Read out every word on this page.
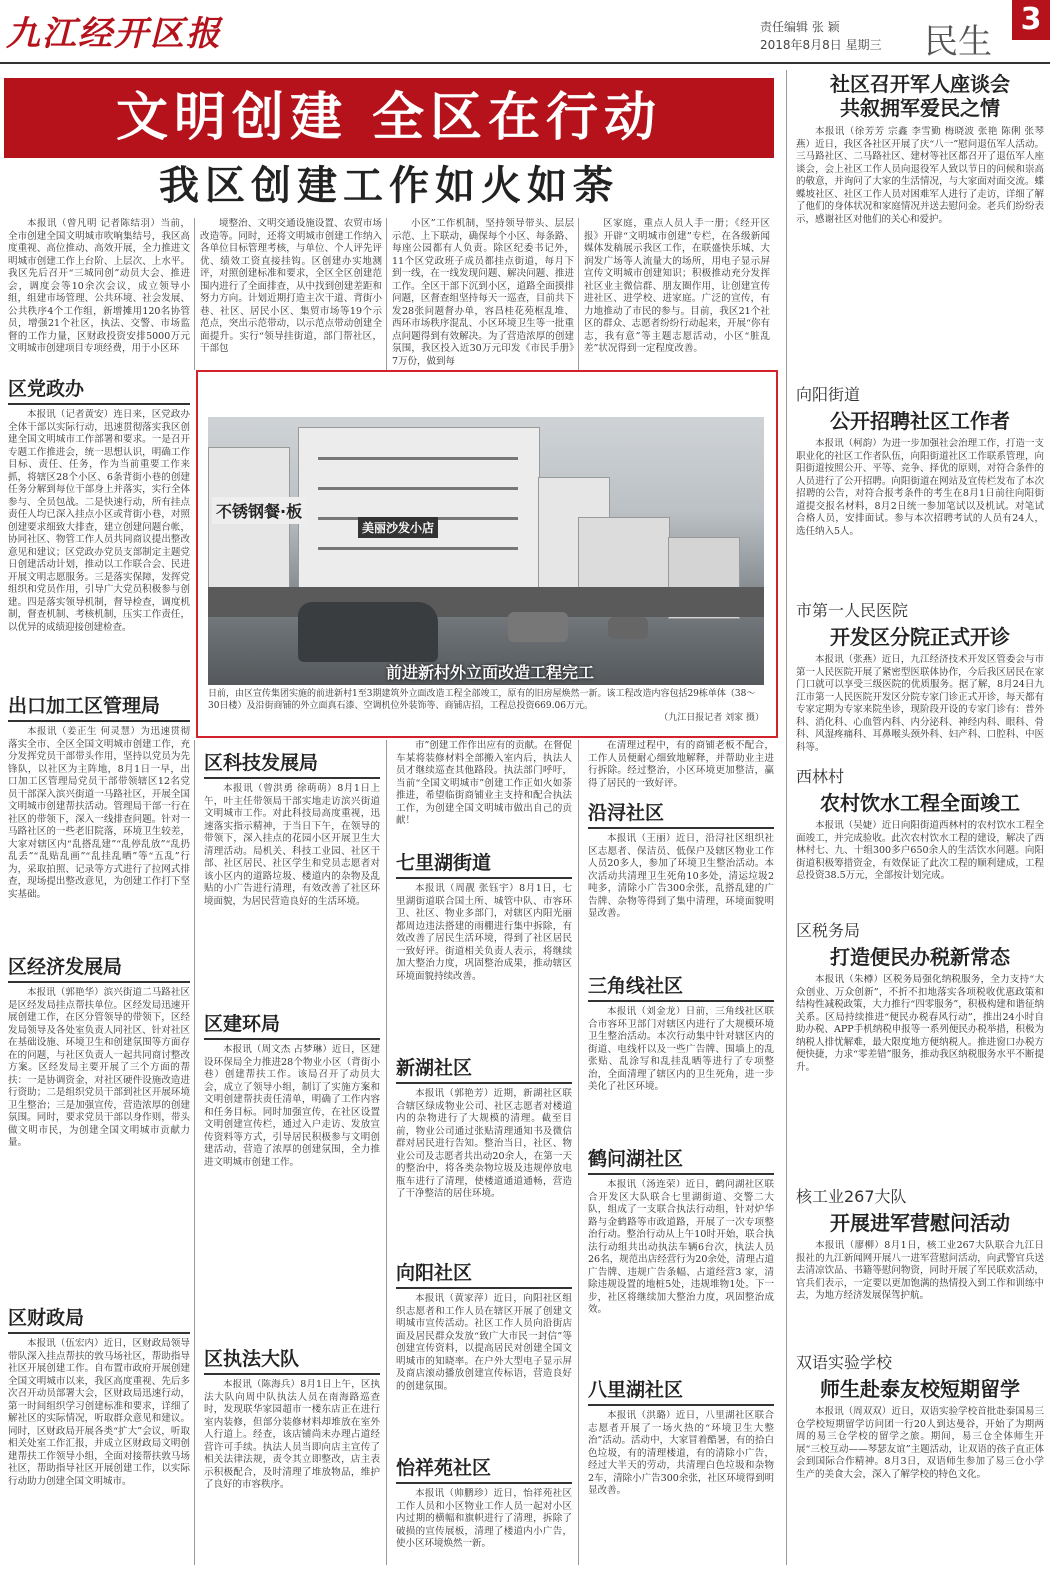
九江经开区报	责任编辑 张 颖
2018年8月8日 星期三 民生
3
文明创建 全区在行动
我区创建工作如火如荼

本报讯（曾凡明 记者陈结羽）当前，全市创建全国文明城市吹响集结号，我区高度重视、高位推动、高效开展，全力推进文明城市创建工作上台阶、上层次、上水平。我区先后召开“三城同创”动员大会、推进会，调度会等10余次会议，成立领导小组，组建市场管理、公共环境、社会发展、公共秩序4个工作组，新增摊用120名协管员，增强21个社区，执法、交警、市场监督的工作力量，区财政投资安排5000万元文明城市创建项目专项经费，用于小区环

境整治、文明交通设施设置、农贸市场改造等。同时，还将文明城市创建工作纳入各单位目标管理考核，与单位、个人评先评优、绩效工资直接挂钩。区创建办实地测评，对照创建标准和要求，全区全区创建范围内进行了全面排查，从中找到创建差距和努力方向。计划近期打造主次干道、背街小巷、社区、居民小区、集贸市场等19个示范点，突出示范带动，以示范点带动创建全面提升。实行“领导挂街道，部门帮社区，干部包

小区”工作机制，坚持领导带头、层层示范、上下联动，确保每个小区、每条路、每座公园都有人负责。除区纪委书记外，11个区党政班子成员都挂点街道，每月下到一线，在一线发现问题、解决问题、推进工作。全区干部下沉到小区，道路全面摸排问题，区督查组坚持每天一巡查，目前共下发28张问题督办单，容昌桂花苑框乱堆、西环市场秩序混乱、小区环境卫生等一批重点问题得到有效解决。为了营造浓厚的创建氛围，我区投入近30万元印发《市民手册》7万份，做到每

区家庭，重点人员人手一册；《经开区报》开辟“文明城市创建”专栏，在各级新闻媒体发稿展示我区工作，在联盛快乐城、大润发广场等人流量大的场所，用电子显示屏宣传文明城市创建知识；积极推动充分发挥社区业主微信群、朋友圈作用，让创建宣传进社区、进学校、进家庭。广泛的宣传，有力地推动了市民的参与。目前，我区21个社区的群众、志愿者纷纷行动起来，开展“你有志，我有意”等主题志愿活动，小区“脏乱差”状况得到一定程度改善。

不锈钢餐·板
美丽沙发小店
前进新村外立面改造工程完工
日前，由区宣传集团实施的前进新村1至3期建筑外立面改造工程全部竣工，原有的旧房屋焕然一新。该工程改造内容包括29栋单体（38～30日楼）及沿街商铺的外立面真石漆、空调机位外装饰等、商铺店招，工程总投资669.06万元。

（九江日报记者 刘家 摄）
区党政办

本报讯（记者黄安）连日来，区党政办全体干部以实际行动，迅速贯彻落实我区创建全国文明城市工作部署和要求。一是召开专题工作推进会，统一思想认识，明确工作目标、责任、任务，作为当前重要工作来抓，将辖区28个小区、6条背街小巷的创建任务分解到每位干部身上并落实，实行全体参与、全员包战。二是快速行动，所有挂点责任人均已深入挂点小区或背街小巷，对照创建要求细致大排查，建立创建问题台帐，协同社区、物管工作人员共同商议提出整改意见和建议；区党政办党员支部制定主题党日创建活动计划，推动以工作联合会、民进开展文明志愿服务。三是落实保障，发挥党组织和党员作用，引导广大党员积极参与创建。四是落实领导机制，督导检查，调度机制，督查机制、考核机制，压实工作责任，以优异的成绩迎接创建检查。

出口加工区管理局

本报讯（姜正生 何灵慧）为迅速贯彻落实全市、全区全国文明城市创建工作，充分发挥党员干部带头作用，坚持以党员为先锋队，以社区为主阵地，8月1日一早，出口加工区管理局党员干部带领辖区12名党员干部深入滨兴街道一马路社区，开展全国文明城市创建帮扶活动。管理局干部一行在社区的带领下，深入一线排查问题。针对一马路社区的一些老旧院落，环境卫生较差，大家对辖区内“乱搭乱建”“乱停乱放”“乱扔乱丢”“乱贴乱画”“乱挂乱晒”等“五乱”行为，采取拍照、记录等方式进行了拉网式排查，现场提出整改意见，为创建工作打下坚实基础。

区经济发展局

本报讯（郭艳华）滨兴街道二马路社区是区经发局挂点帮扶单位。区经发局迅速开展创建工作，在区分管领导的带领下，区经发局领导及各处室负责人同社区、针对社区在基础设施、环境卫生和创建氛围等方面存在的问题，与社区负责人一起共同商讨整改方案。区经发局主要开展了三个方面的帮扶：一是协调资金，对社区硬件设施改造进行资助；二是组织党员干部到社区开展环境卫生整治；三是加强宣传，营造浓厚的创建氛围。同时，要求党员干部以身作则，带头做文明市民，为创建全国文明城市贡献力量。

区财政局

本报讯（伍宏内）近日，区财政局领导带队深入挂点帮扶的敦马场社区，帮助指导社区开展创建工作。自布置市政府开展创建全国文明城市以来，我区高度重视、先后多次召开动员部署大会，区财政局迅速行动，第一时间组织学习创建标准和要求，详细了解社区的实际情况，听取群众意见和建议。同时，区财政局开展各类“扩大”会议，听取相关处室工作汇报，并成立区财政局文明创建帮扶工作领导小组，全面对接帮扶敦马场社区，帮助指导社区开展创建工作，以实际行动助力创建全国文明城市。

区科技发展局

本报讯（曾洪勇 徐萌萌）8月1日上午，叶主任带领局干部实地走访滨兴街道文明城市工作。对此科技局高度重视，迅速落实指示精神，于当日下午，在领导的带领下，深入挂点的花园小区开展卫生大清理活动。局机关、科技工业园、社区干部、社区居民、社区学生和党员志愿者对该小区内的道路垃圾、楼道内的杂物及乱贴的小广告进行清理，有效改善了社区环境面貌，为居民营造良好的生活环境。

区建环局

本报讯（周文杰 占梦琳）近日，区建设环保局全力推进28个物业小区（背街小巷）创建帮扶工作。该局召开了动员大会，成立了领导小组，制订了实施方案和文明创建帮扶责任清单，明确了工作内容和任务目标。同时加强宣传，在社区设置文明创建宣传栏，通过入户走访、发放宣传资料等方式，引导居民积极参与文明创建活动，营造了浓厚的创建氛围，全力推进文明城市创建工作。

区执法大队

本报讯（陈海兵）8月1日上午，区执法大队向周中队执法人员在南海路巡查时，发现联华家园超市一楼东店正在进行室内装修，但部分装修材料却堆放在室外人行道上。经查，该店铺尚未办理占道经营许可手续。执法人员当即向店主宣传了相关法律法规，责令其立即整改，店主表示积极配合，及时清理了堆放物品，维护了良好的市容秩序。

七里湖街道

本报讯（周靓 张钰宇）8月1日，七里湖街道联合国土所、城管中队、市容环卫、社区、物业多部门，对辖区内阳光丽都周边违法搭建的雨棚进行集中拆除，有效改善了居民生活环境，得到了社区居民一致好评。街道相关负责人表示，将继续加大整治力度，巩固整治成果，推动辖区环境面貌持续改善。

新湖社区

本报讯（郭艳芳）近期，新湖社区联合辖区绿成物业公司、社区志愿者对楼道内的杂物进行了大规模的清理。截至目前，物业公司通过张贴清理通知书及微信群对居民进行告知。整治当日，社区、物业公司及志愿者共出动20余人，在第一天的整治中，将各类杂物垃圾及违规停放电瓶车进行了清理，使楼道通道通畅，营造了干净整洁的居住环境。

向阳社区

本报讯（黄家萍）近日，向阳社区组织志愿者和工作人员在辖区开展了创建文明城市宣传活动。社区工作人员向沿街店面及居民群众发放“致广大市民一封信”等创建宣传资料，以提高居民对创建全国文明城市的知晓率。在户外大型电子显示屏及商店滚动播放创建宣传标语，营造良好的创建氛围。

怡祥苑社区

本报讯（帅鹏珍）近日，怡祥苑社区工作人员和小区物业工作人员一起对小区内过期的横幅和旗帜进行了清理，拆除了破损的宣传展板，清理了楼道内小广告，使小区环境焕然一新。

市”创建工作作出应有的贡献。在督促车某将装修材料全部搬入室内后，执法人员才继续巡查其他路段。执法部门呼吁，当前“全国文明城市”创建工作正如火如荼推进，希望临街商铺业主支持和配合执法工作，为创建全国文明城市做出自己的贡献！

在清理过程中，有的商铺老板不配合，工作人员便耐心细致地解释，并帮助业主进行拆除。经过整治，小区环境更加整洁，赢得了居民的一致好评。

沿浔社区

本报讯（王丽）近日，沿浔社区组织社区志愿者、保洁员、低保户及辖区物业工作人员20多人，参加了环境卫生整治活动。本次活动共清理卫生死角10多处，清运垃圾2吨多，清除小广告300余张，乱搭乱建的广告牌、杂物等得到了集中清理，环境面貌明显改善。

三角线社区

本报讯（刘金龙）日前，三角线社区联合市容环卫部门对辖区内进行了大规模环境卫生整治活动。本次行动集中针对辖区内的街道、电线杆以及一些广告牌、围墙上的乱张贴、乱涂写和乱挂乱晒等进行了专项整治，全面清理了辖区内的卫生死角，进一步美化了社区环境。

鹤问湖社区

本报讯（汤连荣）近日，鹤问湖社区联合开发区大队联合七里湖街道、交警二大队，组成了一支联合执法行动组，针对炉华路与金鹤路等市政道路，开展了一次专项整治行动。整治行动从上午10时开始，联合执法行动组共出动执法车辆6台次，执法人员26名，规范出店经营行为20余处，清理占道广告牌、违规广告条幅、占道经营3 家，清除违规设置的地桩5处，违规堆物1处。下一步，社区将继续加大整治力度，巩固整治成效。

八里湖社区

本报讯（洪璐）近日，八里湖社区联合志愿者开展了一场火热的“环境卫生大整治”活动。活动中，大家冒着酷暑，有的拾白色垃圾，有的清理楼道，有的清除小广告，经过大半天的劳动，共清理白色垃圾和杂物2车，清除小广告300余张，社区环境得到明显改善。

社区召开军人座谈会
共叙拥军爱民之情

本报讯（徐芳芳 宗鑫 李雪勤 梅晓波 张艳 陈俐 张琴燕）近日，我区各社区开展了庆“八一”慰问退伍军人活动。三马路社区、二马路社区、建材等社区都召开了退伍军人座谈会，会上社区工作人员向退役军人致以节日的问候和崇高的敬意，并询问了大家的生活情况，与大家面对面交流。蝶蝶坡社区、社区工作人员对困难军人进行了走访，详细了解了他们的身体状况和家庭情况并送去慰问金。老兵们纷纷表示，感谢社区对他们的关心和爱护。

向阳街道
公开招聘社区工作者

本报讯（柯韵）为进一步加强社会治理工作，打造一支职业化的社区工作者队伍，向阳街道社区工作联系管理，向阳街道按照公开、平等、竞争、择优的原则，对符合条件的人员进行了公开招聘。向阳街道在网站及宣传栏发布了本次招聘的公告，对符合报考条件的考生在8月1日前往向阳街道提交报名材料，8月2日统一参加笔试以及机试。对笔试合格人员，安排面试。参与本次招聘考试的人员有24人，选任纳入5人。

市第一人民医院
开发区分院正式开诊

本报讯（张燕）近日，九江经济技术开发区管委会与市第一人民医院开展了紧密型医联体协作，今后我区居民在家门口就可以享受三级医院的优质服务。据了解，8月24日九江市第一人民医院开发区分院专家门诊正式开诊，每天都有专家定期为专家来院坐诊，现阶段开设的专家门诊有：普外科、消化科、心血管内科、内分泌科、神经内科、眼科、骨科、风湿疼痛科、耳鼻喉头颈外科、妇产科、口腔科、中医科等。

西林村
农村饮水工程全面竣工

本报讯（吴婕）近日向阳街道西林村的农村饮水工程全面竣工，并完成验收。此次农村饮水工程的建设，解决了西林村七、九、十组300多户650余人的生活饮水问题。向阳街道积极筹措资金，有效保证了此次工程的顺利建成，工程总投资38.5万元，全部按计划完成。

区税务局
打造便民办税新常态

本报讯（朱樽）区税务局强化纳税服务，全力支持“大众创业、万众创新”，不折不扣地落实各项税收优惠政策和结构性减税政策，大力推行“四零服务”，积极构建和谐征纳关系。区局持续推进“便民办税春风行动”，推出24小时自助办税、APP手机纳税申报等一系列便民办税举措，积极为纳税人排忧解难，最大限度地方便纳税人。推进窗口办税方便快捷，力求“零差错”服务，推动我区纳税服务水平不断提升。

核工业267大队
开展进军营慰问活动

本报讯（廖柳）8月1日，核工业267大队联合九江日报社的九江新闻网开展八一进军营慰问活动，向武警官兵送去清凉饮品、书籍等慰问物资，同时开展了军民联欢活动，官兵们表示，一定要以更加饱满的热情投入到工作和训练中去，为地方经济发展保驾护航。

双语实验学校
师生赴泰友校短期留学

本报讯（周双双）近日，双语实验学校首批赴泰国易三仓学校短期留学访问团一行20人到达曼谷，开始了为期两周的易三仓学校的留学之旅。期间，易三仓全体师生开展“三校互动——琴瑟友谊”主题活动，让双语的孩子直正体会到国际合作精神。8月3日，双语师生参加了易三仓小学生产的美食大会，深入了解学校的特色文化。
